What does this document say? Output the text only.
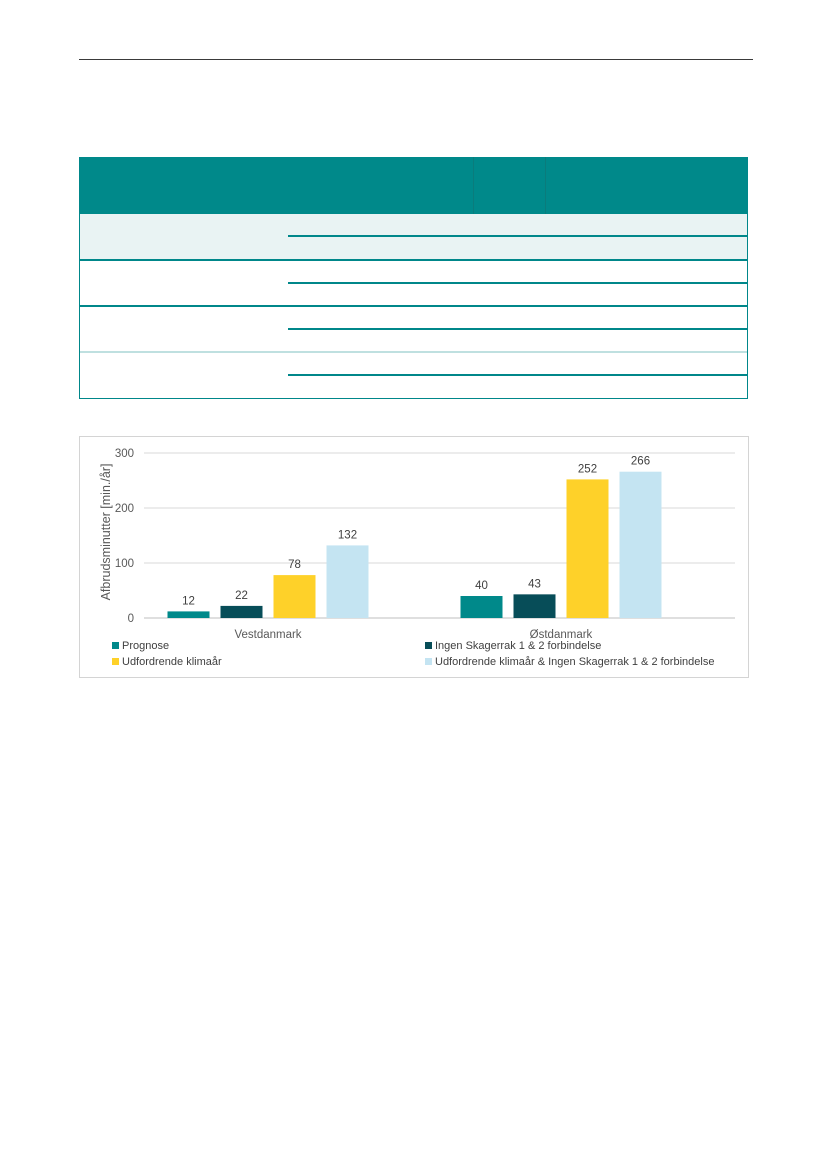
0
100
200
300
Afbrudsminutter [min./år]
12	22
78
132
40	43
252
266
Vestdanmark	Østdanmark
Prognose	Ingen Skagerrak 1 & 2 forbindelse
Udfordrende klimaår	Udfordrende klimaår & Ingen Skagerrak 1 & 2 forbindelse
